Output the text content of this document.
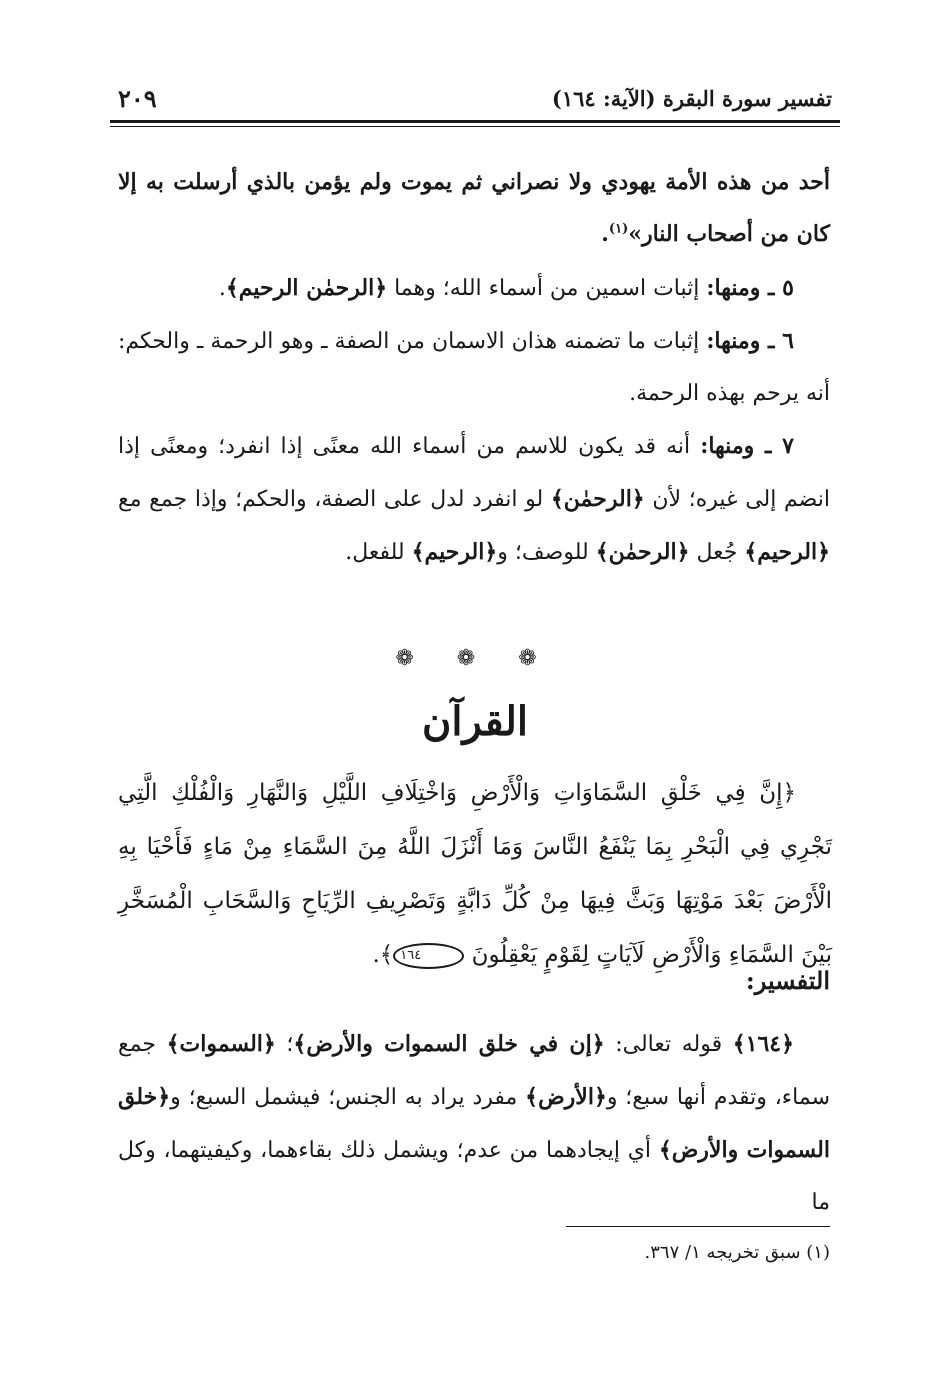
تفسير سورة البقرة (الآية: ١٦٤)
٢٠٩
أحد من هذه الأمة يهودي ولا نصراني ثم يموت ولم يؤمن بالذي أرسلت به إلا كان من أصحاب النار»$^{(١)}$.

٥ ـ ومنها: إثبات اسمين من أسماء الله؛ وهما ﴿الرحمٰن الرحيم﴾.

٦ ـ ومنها: إثبات ما تضمنه هذان الاسمان من الصفة ـ وهو الرحمة ـ والحكم: أنه يرحم بهذه الرحمة.

٧ ـ ومنها: أنه قد يكون للاسم من أسماء الله معنًى إذا انفرد؛ ومعنًى إذا انضم إلى غيره؛ لأن ﴿الرحمٰن﴾ لو انفرد لدل على الصفة، والحكم؛ وإذا جمع مع ﴿الرحيم﴾ جُعل ﴿الرحمٰن﴾ للوصف؛ و﴿الرحيم﴾ للفعل.

❁ ❁ ❁
القرآن
﴿إِنَّ فِي خَلْقِ السَّمَاوَاتِ وَالْأَرْضِ وَاخْتِلَافِ اللَّيْلِ وَالنَّهَارِ وَالْفُلْكِ الَّتِي تَجْرِي فِي الْبَحْرِ بِمَا يَنْفَعُ النَّاسَ وَمَا أَنْزَلَ اللَّهُ مِنَ السَّمَاءِ مِنْ مَاءٍ فَأَحْيَا بِهِ الْأَرْضَ بَعْدَ مَوْتِهَا وَبَثَّ فِيهَا مِنْ كُلِّ دَابَّةٍ وَتَصْرِيفِ الرِّيَاحِ وَالسَّحَابِ الْمُسَخَّرِ بَيْنَ السَّمَاءِ وَالْأَرْضِ لَآيَاتٍ لِقَوْمٍ يَعْقِلُونَ ١٦٤﴾.
التفسير:
﴿١٦٤﴾ قوله تعالى: ﴿إن في خلق السموات والأرض﴾؛ ﴿السموات﴾ جمع سماء، وتقدم أنها سبع؛ و﴿الأرض﴾ مفرد يراد به الجنس؛ فيشمل السبع؛ و﴿خلق السموات والأرض﴾ أي إيجادهما من عدم؛ ويشمل ذلك بقاءهما، وكيفيتهما، وكل ما
(١) سبق تخريجه ١/ ٣٦٧.
